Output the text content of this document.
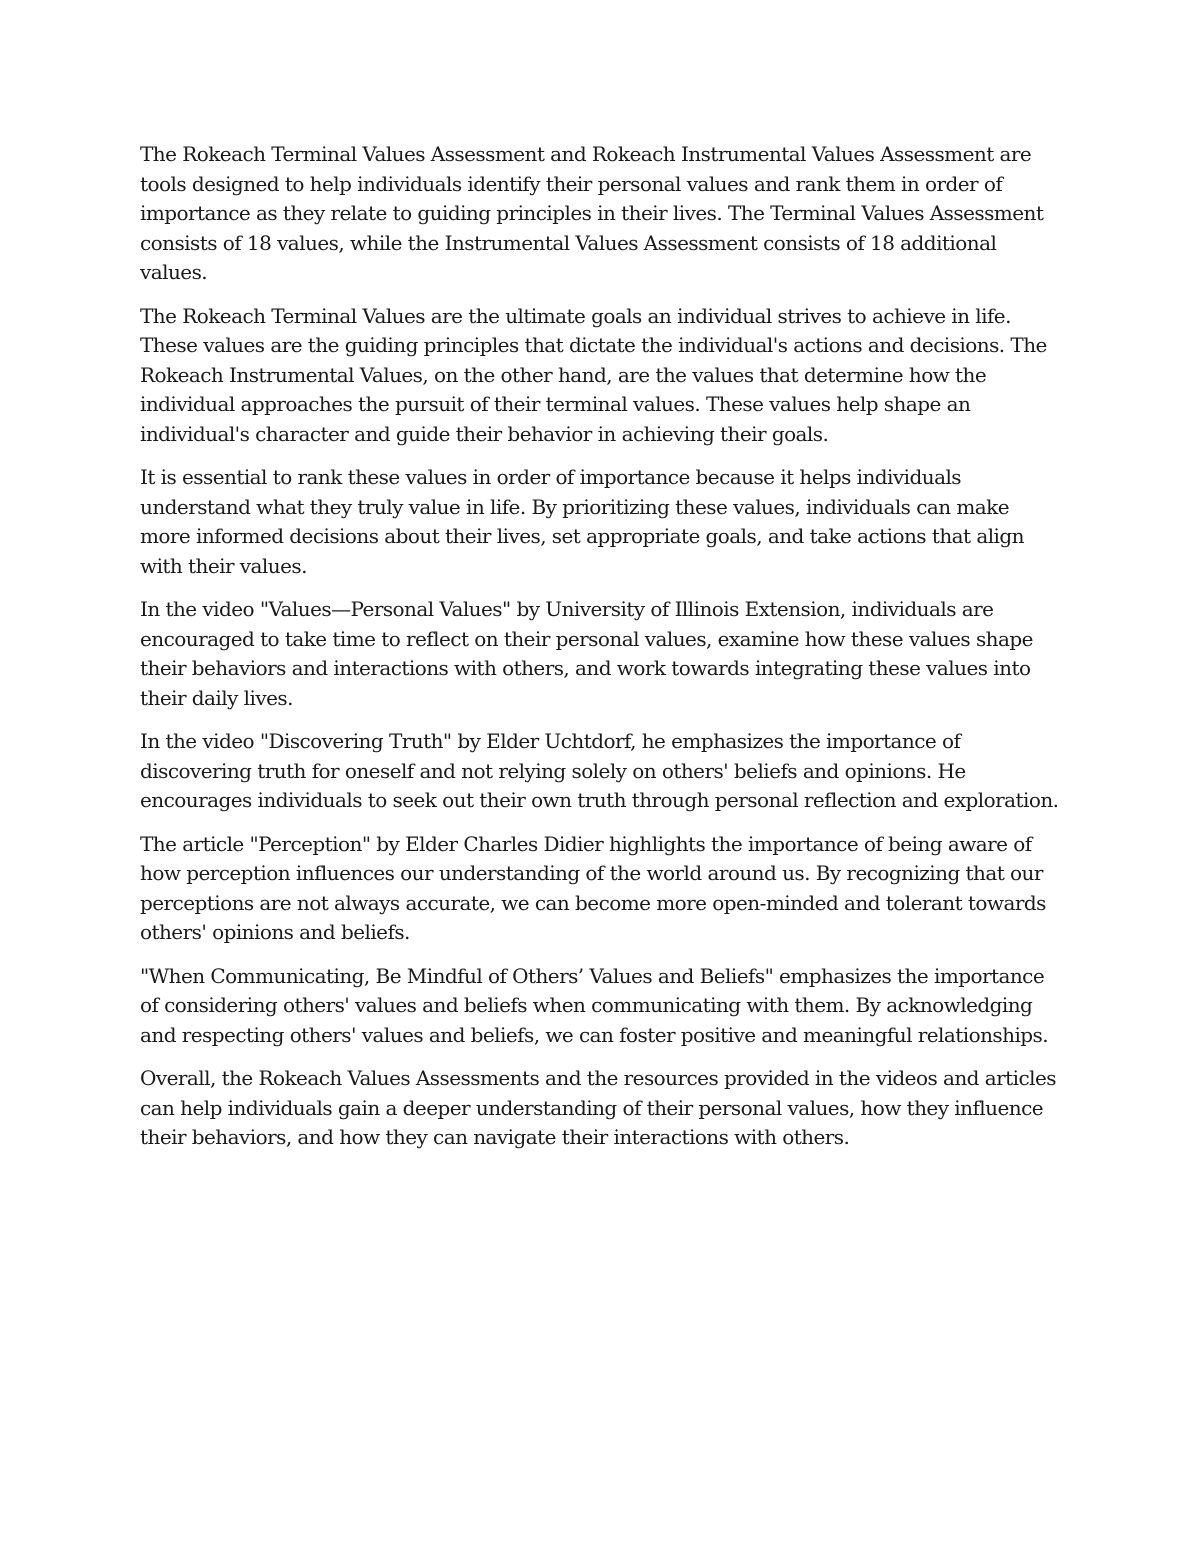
The Rokeach Terminal Values Assessment and Rokeach Instrumental Values Assessment are tools designed to help individuals identify their personal values and rank them in order of importance as they relate to guiding principles in their lives. The Terminal Values Assessment consists of 18 values, while the Instrumental Values Assessment consists of 18 additional values.

The Rokeach Terminal Values are the ultimate goals an individual strives to achieve in life. These values are the guiding principles that dictate the individual's actions and decisions. The Rokeach Instrumental Values, on the other hand, are the values that determine how the individual approaches the pursuit of their terminal values. These values help shape an individual's character and guide their behavior in achieving their goals.

It is essential to rank these values in order of importance because it helps individuals understand what they truly value in life. By prioritizing these values, individuals can make more informed decisions about their lives, set appropriate goals, and take actions that align with their values.

In the video "Values—Personal Values" by University of Illinois Extension, individuals are encouraged to take time to reflect on their personal values, examine how these values shape their behaviors and interactions with others, and work towards integrating these values into their daily lives.

In the video "Discovering Truth" by Elder Uchtdorf, he emphasizes the importance of discovering truth for oneself and not relying solely on others' beliefs and opinions. He encourages individuals to seek out their own truth through personal reflection and exploration.

The article "Perception" by Elder Charles Didier highlights the importance of being aware of how perception influences our understanding of the world around us. By recognizing that our perceptions are not always accurate, we can become more open-minded and tolerant towards others' opinions and beliefs.

"When Communicating, Be Mindful of Others’ Values and Beliefs" emphasizes the importance of considering others' values and beliefs when communicating with them. By acknowledging and respecting others' values and beliefs, we can foster positive and meaningful relationships.

Overall, the Rokeach Values Assessments and the resources provided in the videos and articles can help individuals gain a deeper understanding of their personal values, how they influence their behaviors, and how they can navigate their interactions with others.
